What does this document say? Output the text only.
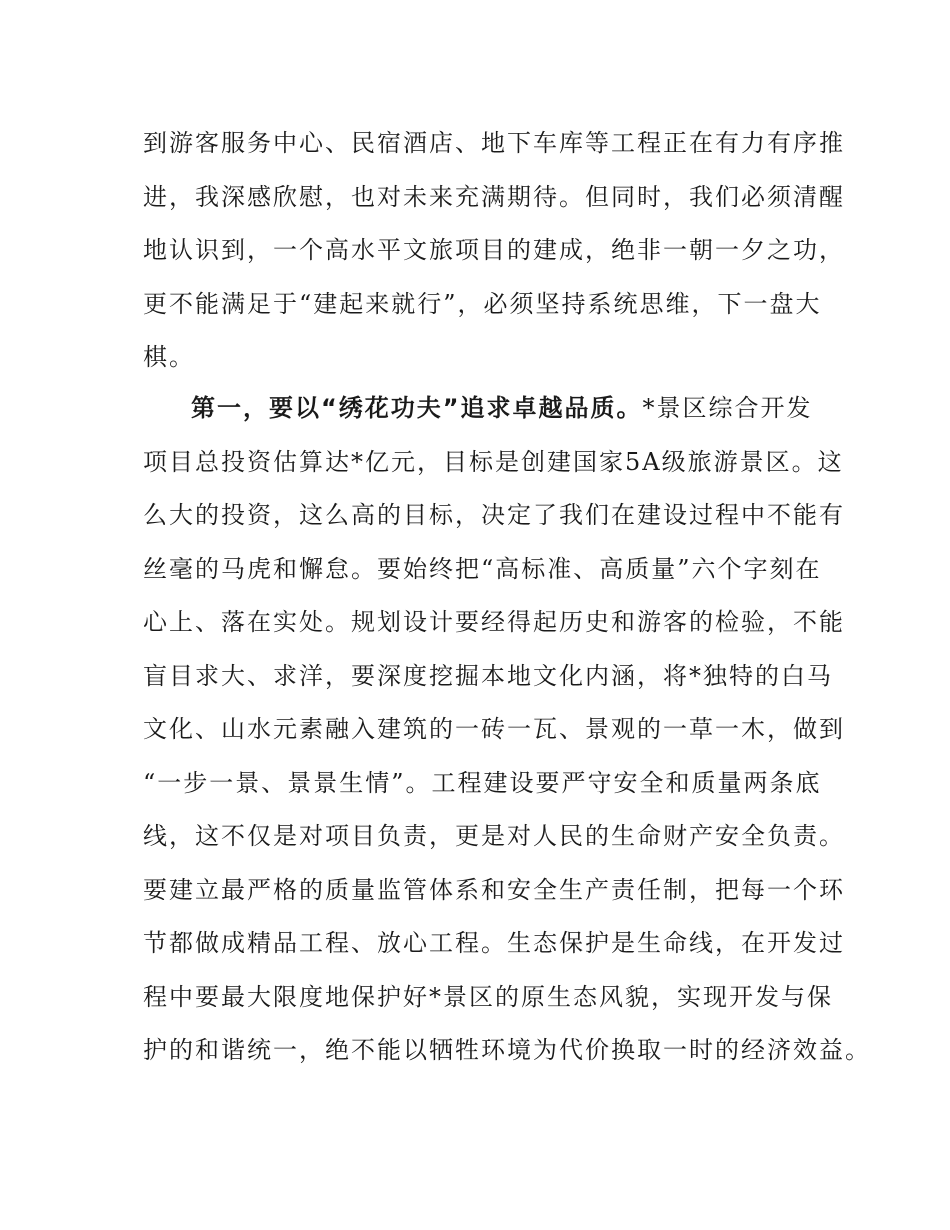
到游客服务中心、民宿酒店、地下车库等工程正在有力有序推
进，我深感欣慰，也对未来充满期待。但同时，我们必须清醒
地认识到，一个高水平文旅项目的建成，绝非一朝一夕之功，
更不能满足于“建起来就行”，必须坚持系统思维，下一盘大
棋。
第一，要以“绣花功夫”追求卓越品质。*景区综合开发
项目总投资估算达*亿元，目标是创建国家5A级旅游景区。这
么大的投资，这么高的目标，决定了我们在建设过程中不能有
丝毫的马虎和懈怠。要始终把“高标准、高质量”六个字刻在
心上、落在实处。规划设计要经得起历史和游客的检验，不能
盲目求大、求洋，要深度挖掘本地文化内涵，将*独特的白马
文化、山水元素融入建筑的一砖一瓦、景观的一草一木，做到
“一步一景、景景生情”。工程建设要严守安全和质量两条底
线，这不仅是对项目负责，更是对人民的生命财产安全负责。
要建立最严格的质量监管体系和安全生产责任制，把每一个环
节都做成精品工程、放心工程。生态保护是生命线，在开发过
程中要最大限度地保护好*景区的原生态风貌，实现开发与保
护的和谐统一，绝不能以牺牲环境为代价换取一时的经济效益。
